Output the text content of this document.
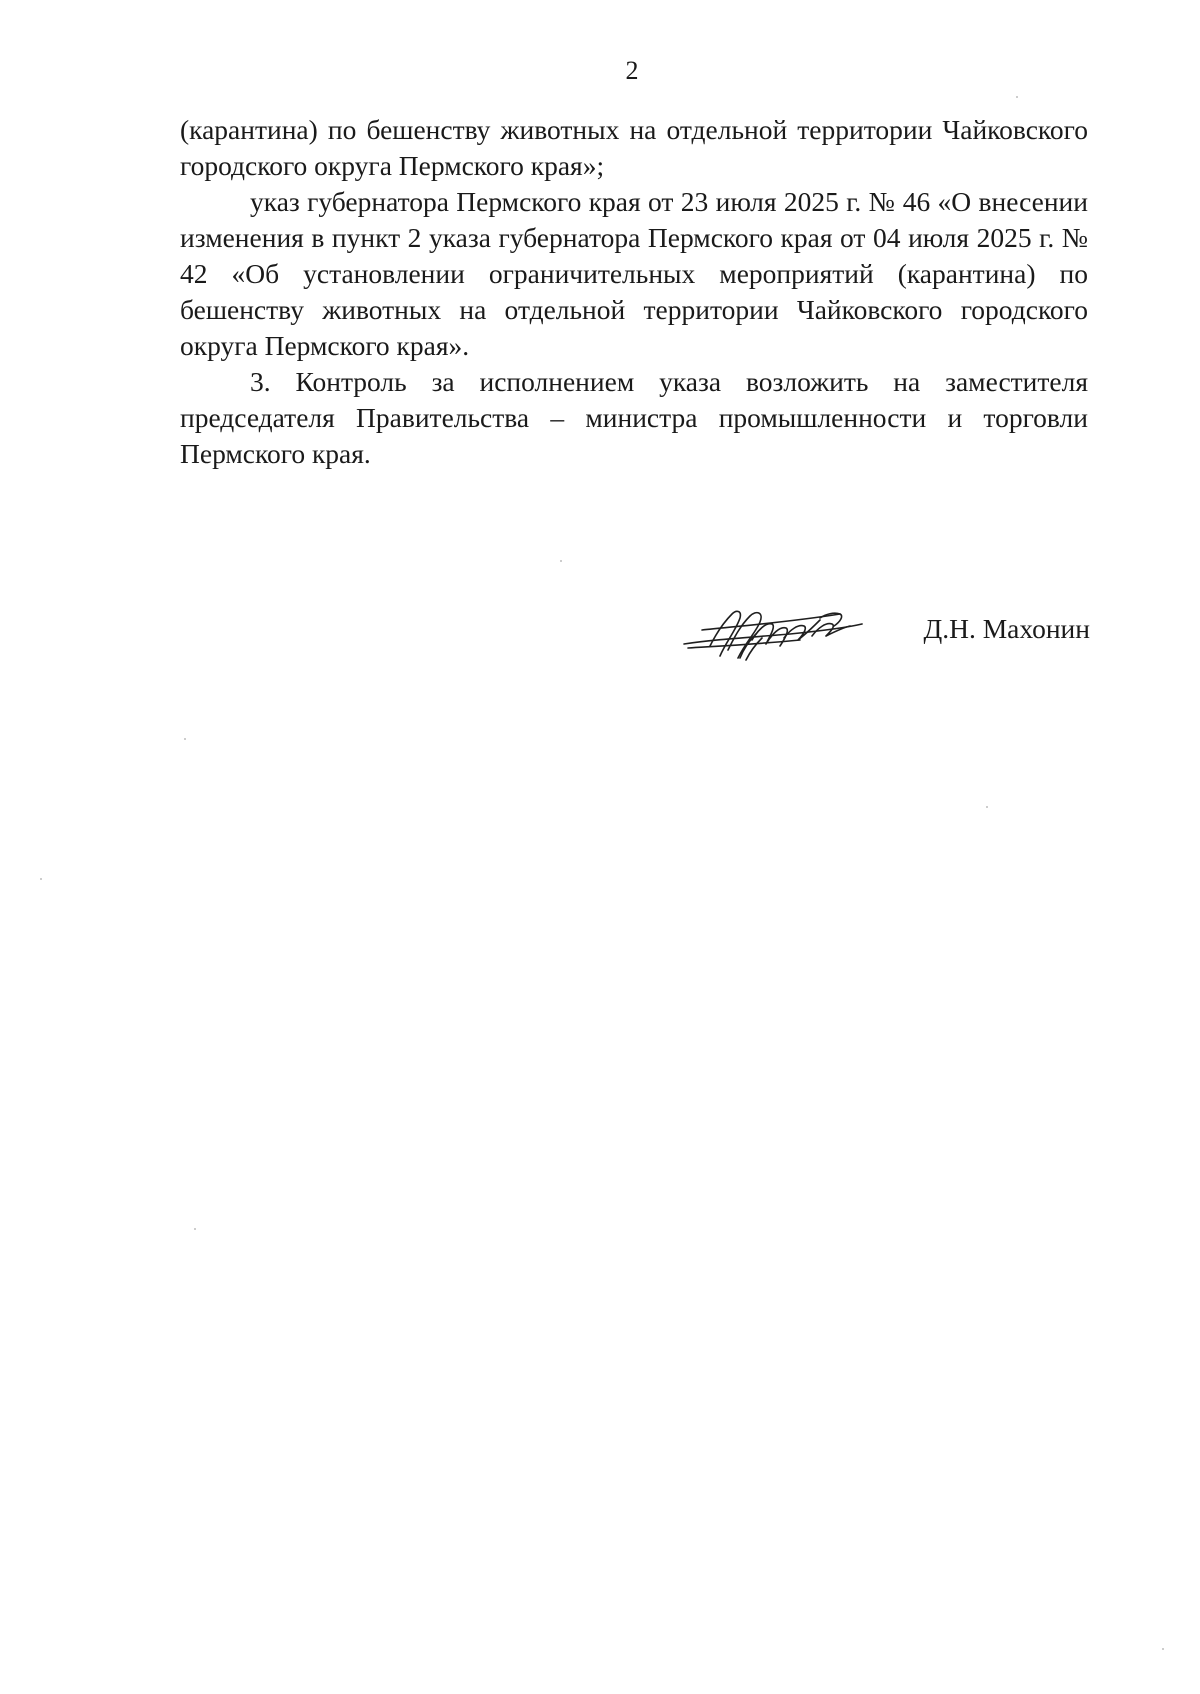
2

(карантина) по бешенству животных на отдельной территории Чайковского городского округа Пермского края»;

указ губернатора Пермского края от 23 июля 2025 г. № 46 «О внесении изменения в пункт 2 указа губернатора Пермского края от 04 июля 2025 г. № 42 «Об установлении ограничительных мероприятий (карантина) по бешенству животных на отдельной территории Чайковского городского округа Пермского края».

3. Контроль за исполнением указа возложить на заместителя председателя Правительства – министра промышленности и торговли Пермского края.

Д.Н. Махонин
